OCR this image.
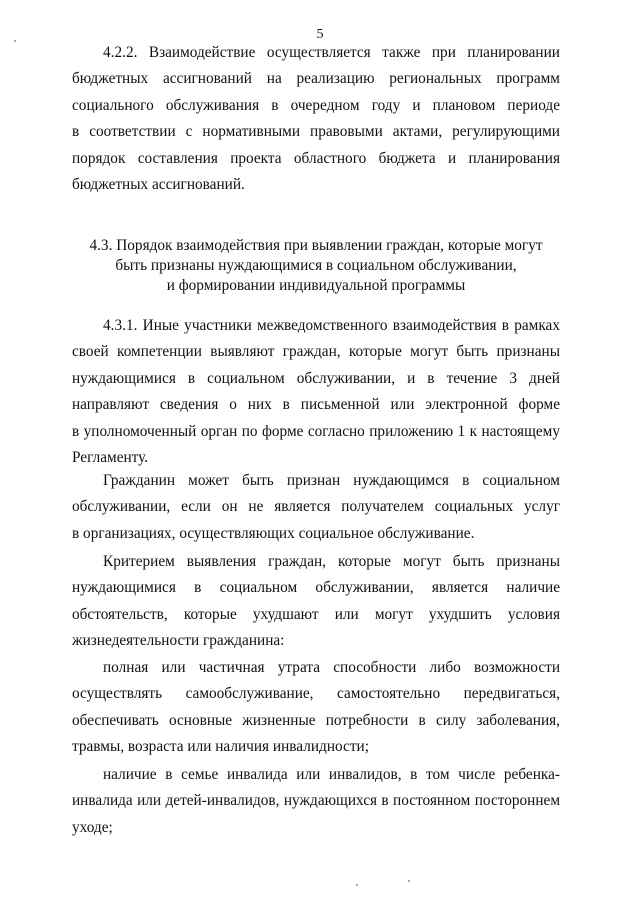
5
4.2.2. Взаимодействие осуществляется также при планировании
бюджетных ассигнований на реализацию региональных программ
социального обслуживания в очередном году и плановом периоде
в соответствии с нормативными правовыми актами, регулирующими
порядок составления проекта областного бюджета и планирования
бюджетных ассигнований.
4.3. Порядок взаимодействия при выявлении граждан, которые могут
быть признаны нуждающимися в социальном обслуживании,
и формировании индивидуальной программы
4.3.1. Иные участники межведомственного взаимодействия в рамках
своей компетенции выявляют граждан, которые могут быть признаны
нуждающимися в социальном обслуживании, и в течение 3 дней
направляют сведения о них в письменной или электронной форме
в уполномоченный орган по форме согласно приложению 1 к настоящему
Регламенту.
Гражданин может быть признан нуждающимся в социальном
обслуживании, если он не является получателем социальных услуг
в организациях, осуществляющих социальное обслуживание.
Критерием выявления граждан, которые могут быть признаны
нуждающимися в социальном обслуживании, является наличие
обстоятельств, которые ухудшают или могут ухудшить условия
жизнедеятельности гражданина:
полная или частичная утрата способности либо возможности
осуществлять самообслуживание, самостоятельно передвигаться,
обеспечивать основные жизненные потребности в силу заболевания,
травмы, возраста или наличия инвалидности;
наличие в семье инвалида или инвалидов, в том числе ребенка-
инвалида или детей-инвалидов, нуждающихся в постоянном постороннем
уходе;
